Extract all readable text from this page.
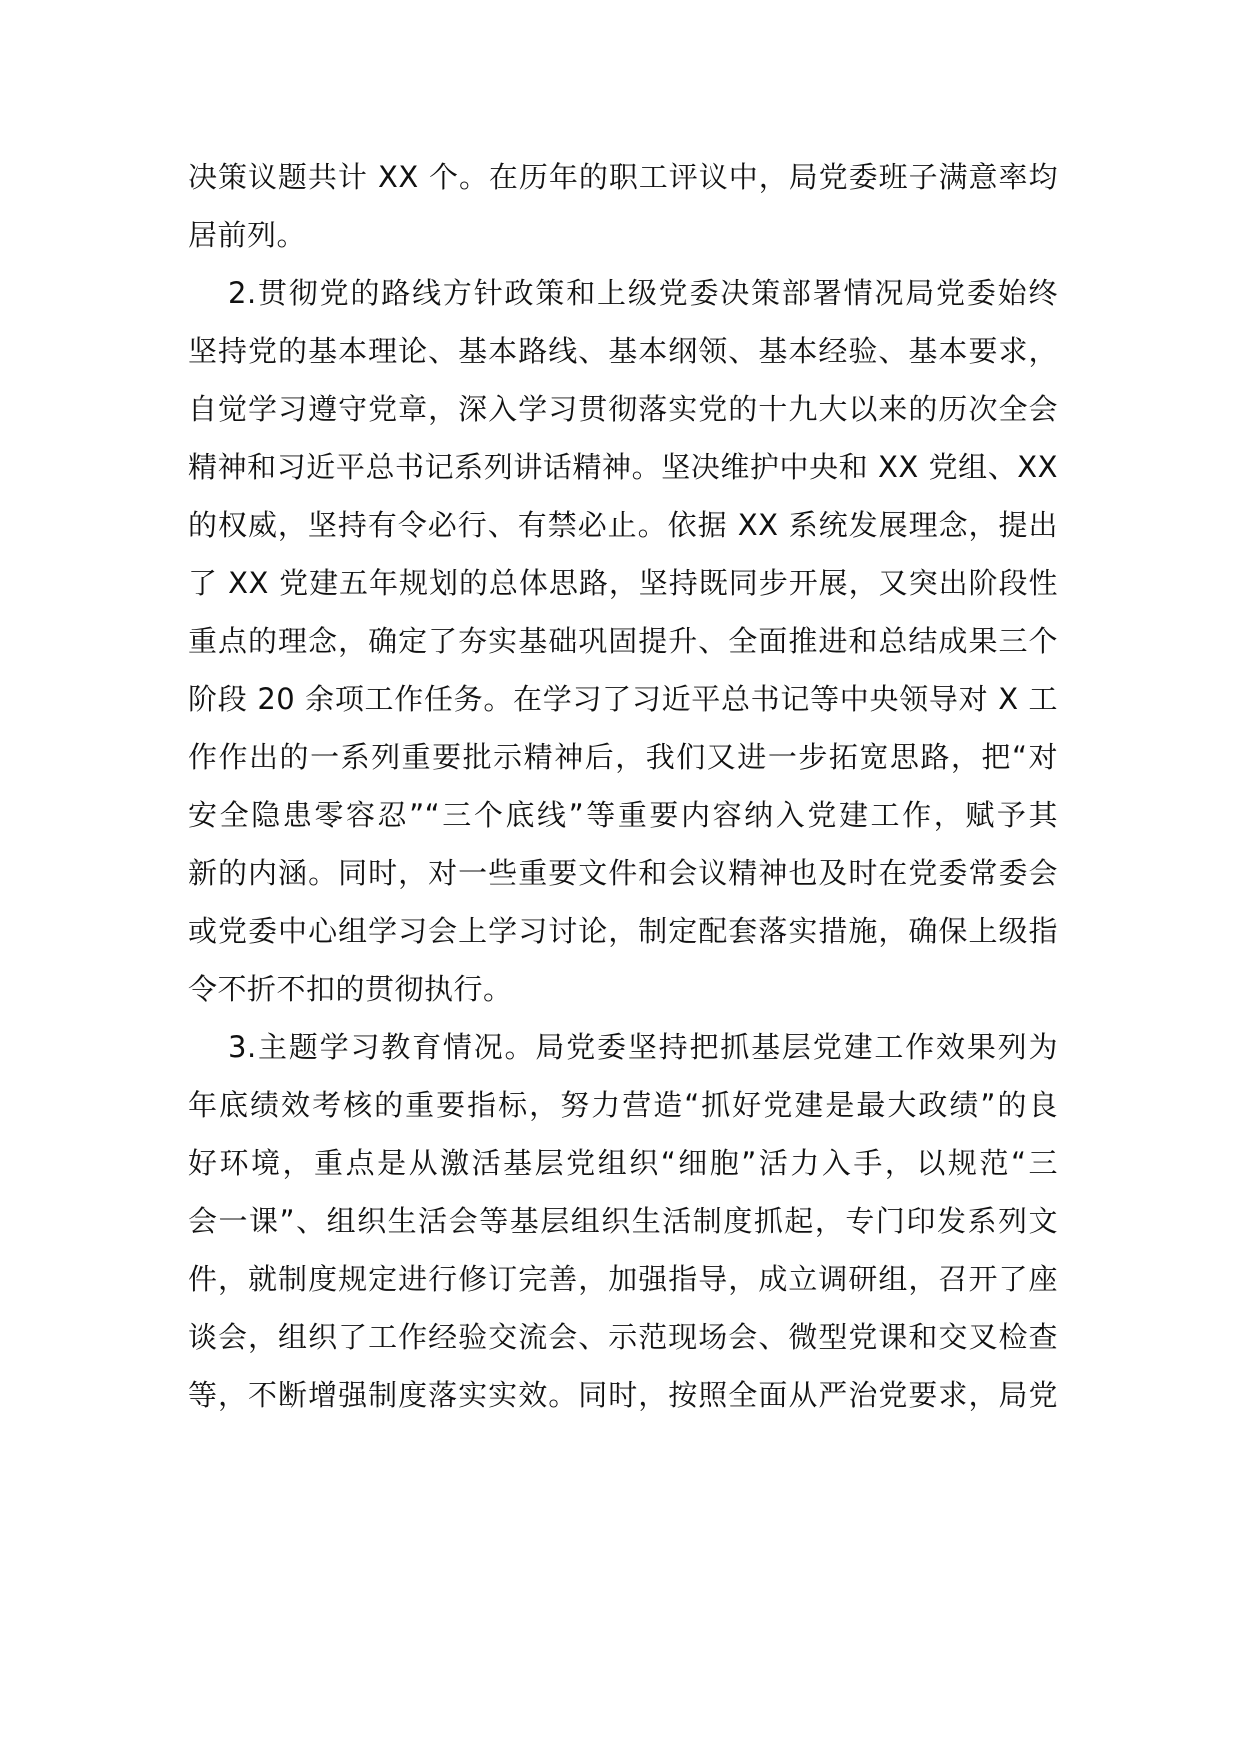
决策议题共计 XX 个。在历年的职工评议中，局党委班子满意率均
居前列。
2.贯彻党的路线方针政策和上级党委决策部署情况局党委始终
坚持党的基本理论、基本路线、基本纲领、基本经验、基本要求，
自觉学习遵守党章，深入学习贯彻落实党的十九大以来的历次全会
精神和习近平总书记系列讲话精神。坚决维护中央和 XX 党组、XX
的权威，坚持有令必行、有禁必止。依据 XX 系统发展理念，提出
了 XX 党建五年规划的总体思路，坚持既同步开展，又突出阶段性
重点的理念，确定了夯实基础巩固提升、全面推进和总结成果三个
阶段 20 余项工作任务。在学习了习近平总书记等中央领导对 X 工
作作出的一系列重要批示精神后，我们又进一步拓宽思路，把“对
安全隐患零容忍”“三个底线”等重要内容纳入党建工作，赋予其
新的内涵。同时，对一些重要文件和会议精神也及时在党委常委会
或党委中心组学习会上学习讨论，制定配套落实措施，确保上级指
令不折不扣的贯彻执行。
3.主题学习教育情况。局党委坚持把抓基层党建工作效果列为
年底绩效考核的重要指标，努力营造“抓好党建是最大政绩”的良
好环境，重点是从激活基层党组织“细胞”活力入手，以规范“三
会一课”、组织生活会等基层组织生活制度抓起，专门印发系列文
件，就制度规定进行修订完善，加强指导，成立调研组，召开了座
谈会，组织了工作经验交流会、示范现场会、微型党课和交叉检查
等，不断增强制度落实实效。同时，按照全面从严治党要求，局党
